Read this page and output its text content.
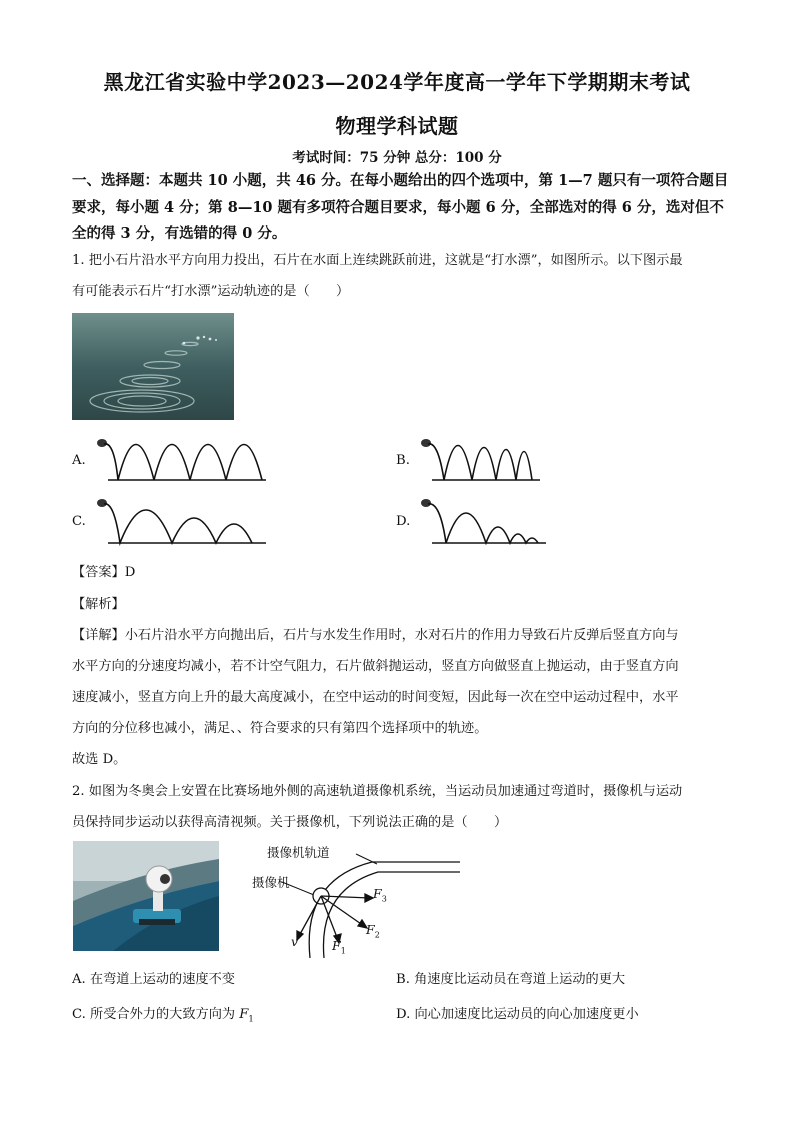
黑龙江省实验中学2023—2024学年度高一学年下学期期末考试
物理学科试题
考试时间：75 分钟 总分：100 分
一、选择题：本题共 10 小题，共 46 分。在每小题给出的四个选项中，第 1—7 题只有一项符合题目要求，每小题 4 分；第 8—10 题有多项符合题目要求，每小题 6 分，全部选对的得 6 分，选对但不全的得 3 分，有选错的得 0 分。
1. 把小石片沿水平方向用力投出，石片在水面上连续跳跃前进，这就是“打水漂”，如图所示。以下图示最
有可能表示石片“打水漂”运动轨迹的是（　　）
A.	B.
C.	D.
【答案】D
【解析】
【详解】小石片沿水平方向抛出后，石片与水发生作用时，水对石片的作用力导致石片反弹后竖直方向与
水平方向的分速度均减小，若不计空气阻力，石片做斜抛运动，竖直方向做竖直上抛运动，由于竖直方向
速度减小，竖直方向上升的最大高度减小，在空中运动的时间变短，因此每一次在空中运动过程中，水平
方向的分位移也减小，满足、、符合要求的只有第四个选择项中的轨迹。
故选 D。
2. 如图为冬奥会上安置在比赛场地外侧的高速轨道摄像机系统，当运动员加速通过弯道时，摄像机与运动
员保持同步运动以获得高清视频。关于摄像机，下列说法正确的是（　　）
摄像机轨道
摄像机
$F_3$
$F_2$
$F_1$
v
A. 在弯道上运动的速度不变	B. 角速度比运动员在弯道上运动的更大
C. 所受合外力的大致方向为 $F_1$	D. 向心加速度比运动员的向心加速度更小
